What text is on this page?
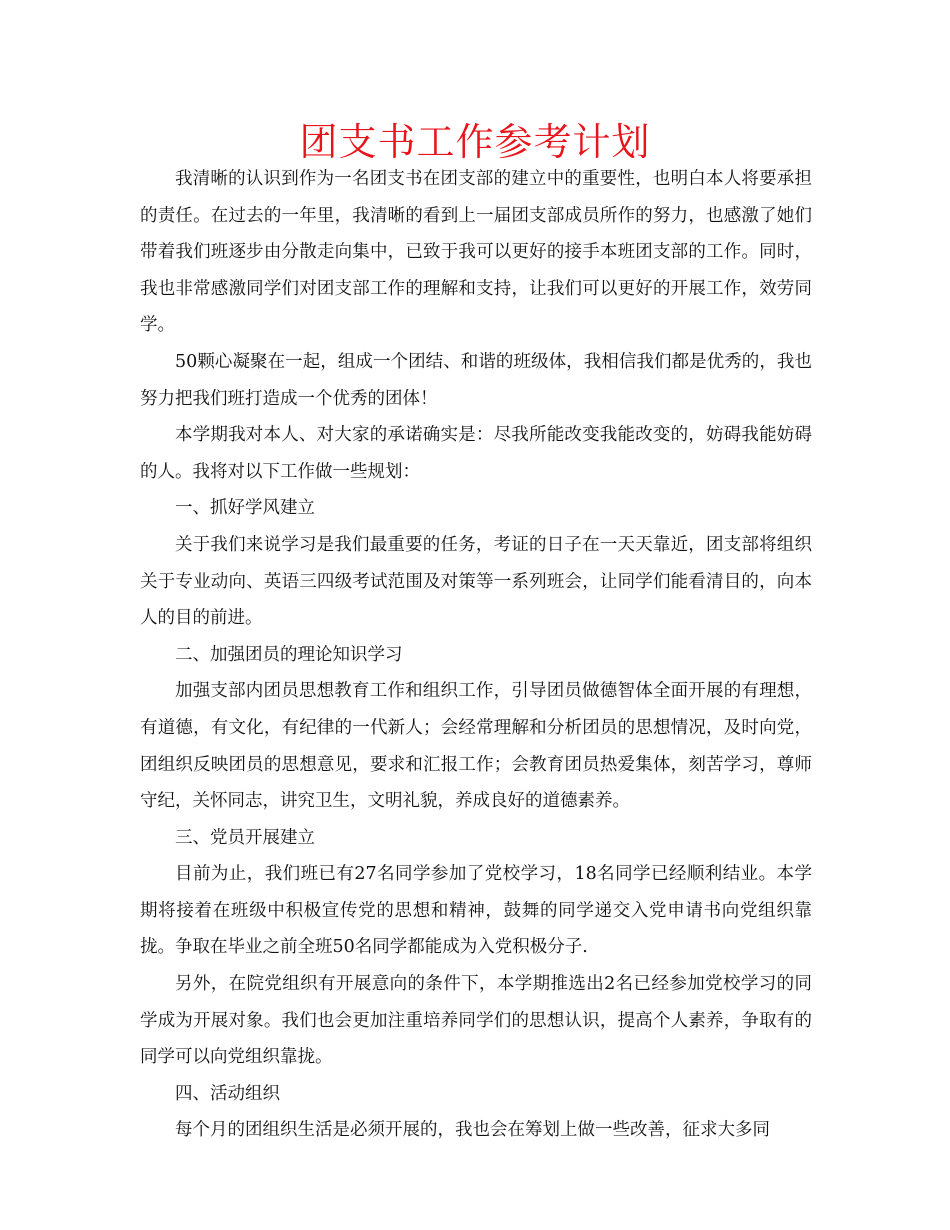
团支书工作参考计划

我清晰的认识到作为一名团支书在团支部的建立中的重要性，也明白本人将要承担的责任。在过去的一年里，我清晰的看到上一届团支部成员所作的努力，也感激了她们带着我们班逐步由分散走向集中，已致于我可以更好的接手本班团支部的工作。同时，我也非常感激同学们对团支部工作的理解和支持，让我们可以更好的开展工作，效劳同学。

50颗心凝聚在一起，组成一个团结、和谐的班级体，我相信我们都是优秀的，我也努力把我们班打造成一个优秀的团体！

本学期我对本人、对大家的承诺确实是：尽我所能改变我能改变的，妨碍我能妨碍的人。我将对以下工作做一些规划：

一、抓好学风建立

关于我们来说学习是我们最重要的任务，考证的日子在一天天靠近，团支部将组织关于专业动向、英语三四级考试范围及对策等一系列班会，让同学们能看清目的，向本人的目的前进。

二、加强团员的理论知识学习

加强支部内团员思想教育工作和组织工作，引导团员做德智体全面开展的有理想，有道德，有文化，有纪律的一代新人；会经常理解和分析团员的思想情况，及时向党，团组织反映团员的思想意见，要求和汇报工作；会教育团员热爱集体，刻苦学习，尊师守纪，关怀同志，讲究卫生，文明礼貌，养成良好的道德素养。

三、党员开展建立

目前为止，我们班已有27名同学参加了党校学习，18名同学已经顺利结业。本学期将接着在班级中积极宣传党的思想和精神，鼓舞的同学递交入党申请书向党组织靠拢。争取在毕业之前全班50名同学都能成为入党积极分子.

另外，在院党组织有开展意向的条件下，本学期推选出2名已经参加党校学习的同学成为开展对象。我们也会更加注重培养同学们的思想认识，提高个人素养，争取有的同学可以向党组织靠拢。

四、活动组织

每个月的团组织生活是必须开展的，我也会在筹划上做一些改善，征求大多同
